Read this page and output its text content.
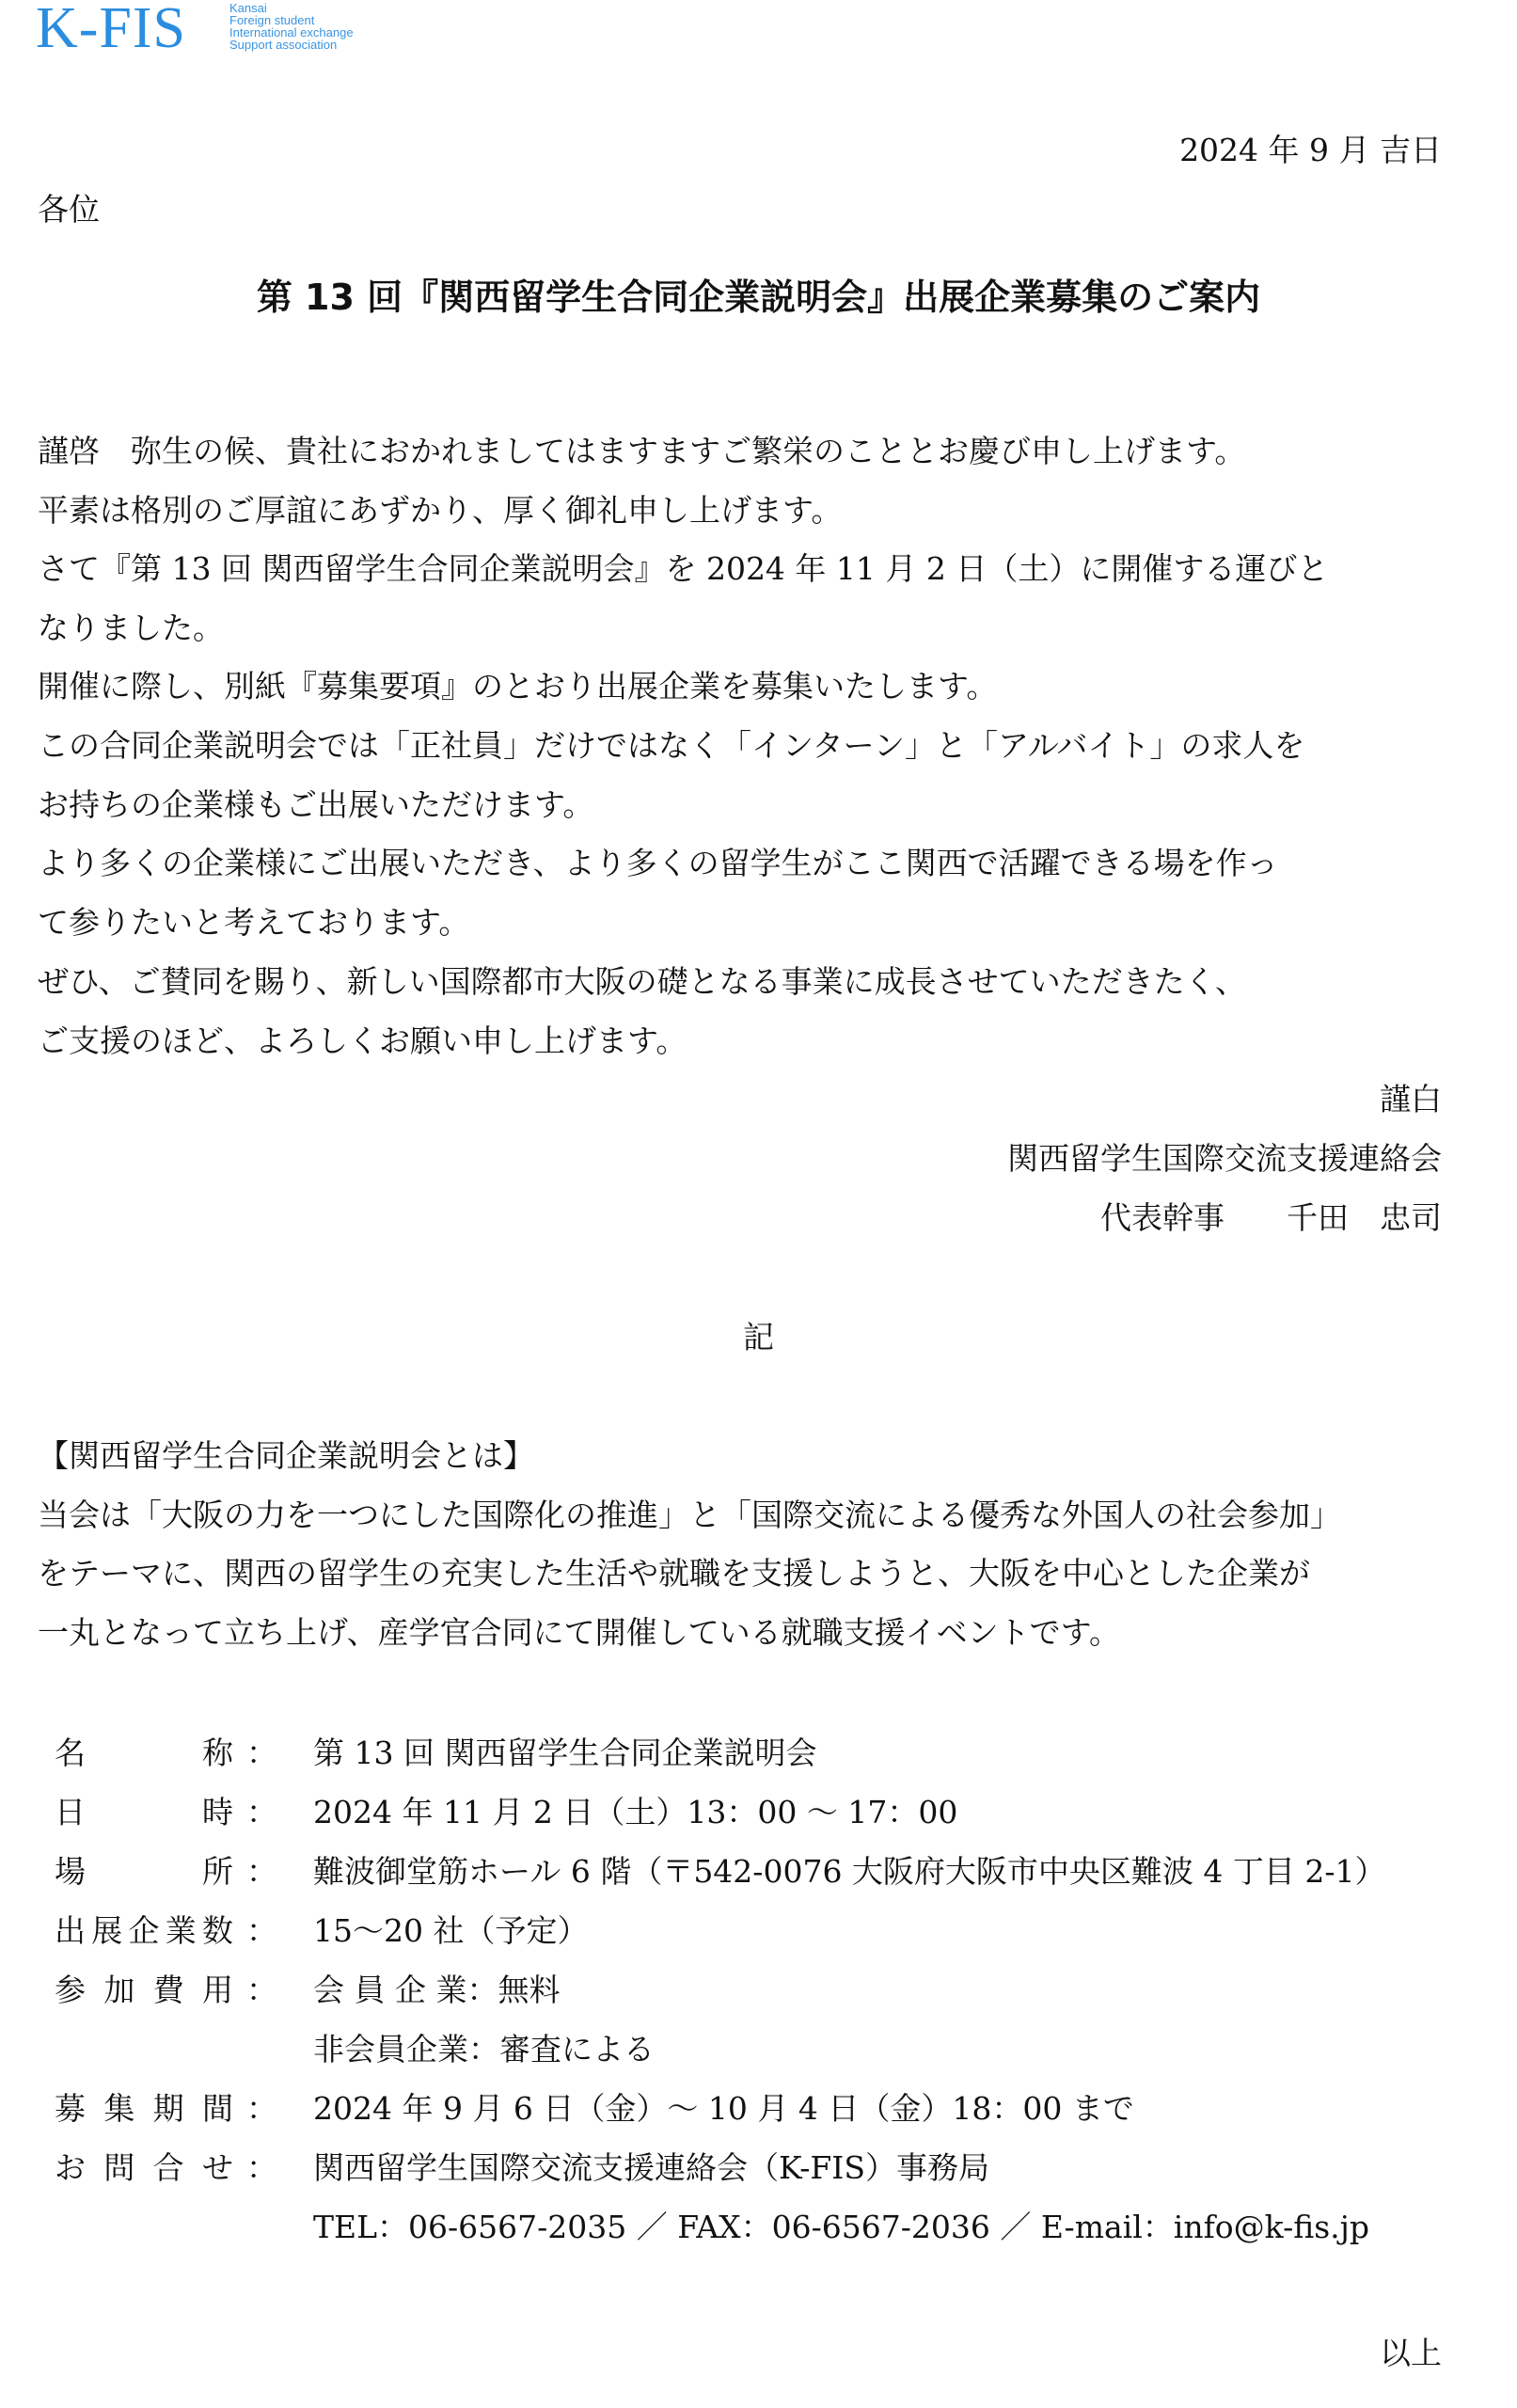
K-FIS	Kansai
Foreign student
International exchange
Support association
2024 年 9 月 吉日
各位
第 13 回『関西留学生合同企業説明会』出展企業募集のご案内
謹啓　弥生の候、貴社におかれましてはますますご繁栄のこととお慶び申し上げます。
平素は格別のご厚誼にあずかり、厚く御礼申し上げます。
さて『第 13 回 関西留学生合同企業説明会』を 2024 年 11 月 2 日（土）に開催する運びと
なりました。
開催に際し、別紙『募集要項』のとおり出展企業を募集いたします。
この合同企業説明会では「正社員」だけではなく「インターン」と「アルバイト」の求人を
お持ちの企業様もご出展いただけます。
より多くの企業様にご出展いただき、より多くの留学生がここ関西で活躍できる場を作っ
て参りたいと考えております。
ぜひ、ご賛同を賜り、新しい国際都市大阪の礎となる事業に成長させていただきたく、
ご支援のほど、よろしくお願い申し上げます。
謹白
関西留学生国際交流支援連絡会
代表幹事　　千田　忠司
記
【関西留学生合同企業説明会とは】
当会は「大阪の力を一つにした国際化の推進」と「国際交流による優秀な外国人の社会参加」
をテーマに、関西の留学生の充実した生活や就職を支援しようと、大阪を中心とした企業が
一丸となって立ち上げ、産学官合同にて開催している就職支援イベントです。
名称 ： 第 13 回 関西留学生合同企業説明会
日時 ： 2024 年 11 月 2 日（土）13：00 ～ 17：00
場所 ： 難波御堂筋ホール 6 階（〒542-0076 大阪府大阪市中央区難波 4 丁目 2-1）
出展企業数 ： 15～20 社（予定）
参加費用 ： 会 員 企 業：無料
非会員企業：審査による
募集期間 ： 2024 年 9 月 6 日（金）～ 10 月 4 日（金）18：00 まで
お問合せ ： 関西留学生国際交流支援連絡会（K-FIS）事務局
TEL：06-6567-2035 ／ FAX：06-6567-2036 ／ E-mail：info@k-fis.jp
以上
